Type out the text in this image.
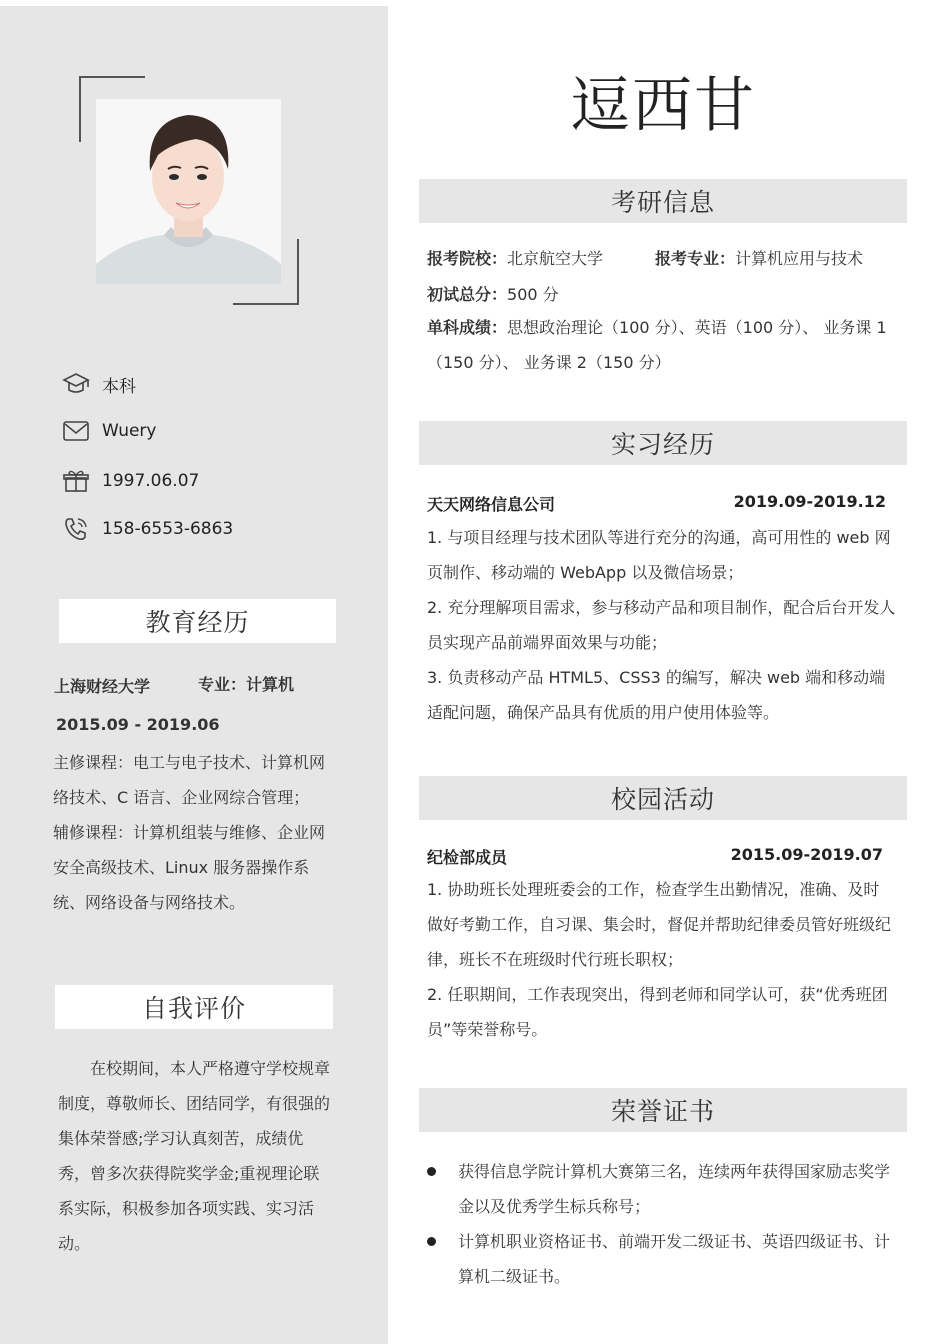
本科
Wuery
1997.06.07
158-6553-6863
教育经历
上海财经大学	专业：计算机
2015.09 - 2019.06
主修课程：电工与电子技术、计算机网络技术、C 语言、企业网综合管理；
辅修课程：计算机组装与维修、企业网安全高级技术、Linux 服务器操作系统、网络设备与网络技术。
自我评价
在校期间，本人严格遵守学校规章制度，尊敬师长、团结同学，有很强的集体荣誉感;学习认真刻苦，成绩优秀，曾多次获得院奖学金;重视理论联系实际，积极参加各项实践、实习活动。
逗西甘
考研信息
报考院校：北京航空大学	报考专业：计算机应用与技术
初试总分：500 分
单科成绩：思想政治理论（100 分）、英语（100 分）、 业务课 1（150 分）、 业务课 2（150 分）
实习经历
天天网络信息公司	2019.09-2019.12
1. 与项目经理与技术团队等进行充分的沟通，高可用性的 web 网页制作、移动端的 WebApp 以及微信场景；
2. 充分理解项目需求，参与移动产品和项目制作，配合后台开发人员实现产品前端界面效果与功能；
3. 负责移动产品 HTML5、CSS3 的编写，解决 web 端和移动端适配问题，确保产品具有优质的用户使用体验等。
校园活动
纪检部成员	2015.09-2019.07
1. 协助班长处理班委会的工作，检查学生出勤情况，准确、及时做好考勤工作，自习课、集会时，督促并帮助纪律委员管好班级纪律，班长不在班级时代行班长职权；
2. 任职期间，工作表现突出，得到老师和同学认可，获“优秀班团员”等荣誉称号。
荣誉证书
获得信息学院计算机大赛第三名，连续两年获得国家励志奖学金以及优秀学生标兵称号；
计算机职业资格证书、前端开发二级证书、英语四级证书、计算机二级证书。
